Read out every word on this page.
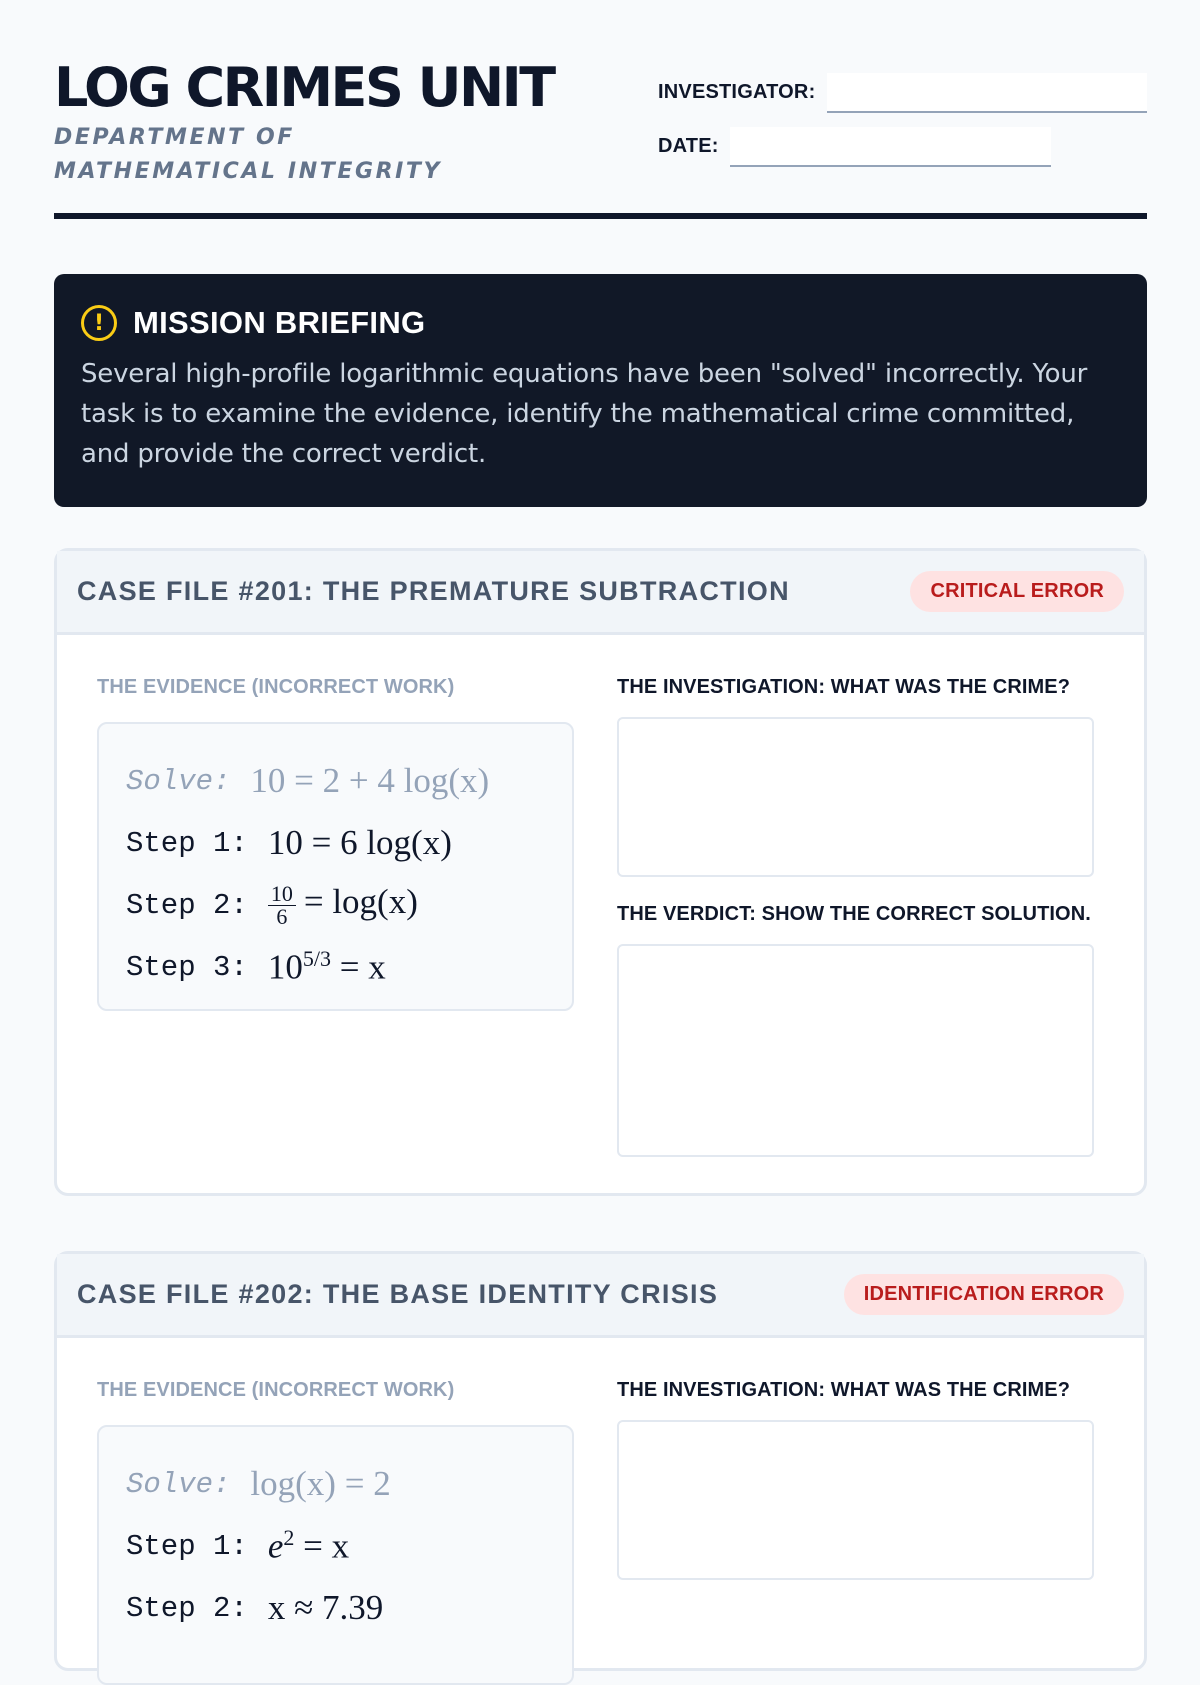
LOG CRIMES UNIT
DEPARTMENT OF MATHEMATICAL INTEGRITY
INVESTIGATOR:
DATE:
! MISSION BRIEFING
Several high-profile logarithmic equations have been "solved" incorrectly. Your task is to examine the evidence, identify the mathematical crime committed, and provide the correct verdict.
CASE FILE #201: THE PREMATURE SUBTRACTION	CRITICAL ERROR
THE EVIDENCE (INCORRECT WORK)
Solve: 10 = 2 + 4 log(x)
Step 1: 10 = 6 log(x)
Step 2: $\frac{10}{6} = \log(x)$
Step 3: $10^{5/3} = x$
THE INVESTIGATION: WHAT WAS THE CRIME?
THE VERDICT: SHOW THE CORRECT SOLUTION.
CASE FILE #202: THE BASE IDENTITY CRISIS	IDENTIFICATION ERROR
THE EVIDENCE (INCORRECT WORK)
Solve: log(x) = 2
Step 1: $e^2 = x$
Step 2: x ≈ 7.39
THE INVESTIGATION: WHAT WAS THE CRIME?
